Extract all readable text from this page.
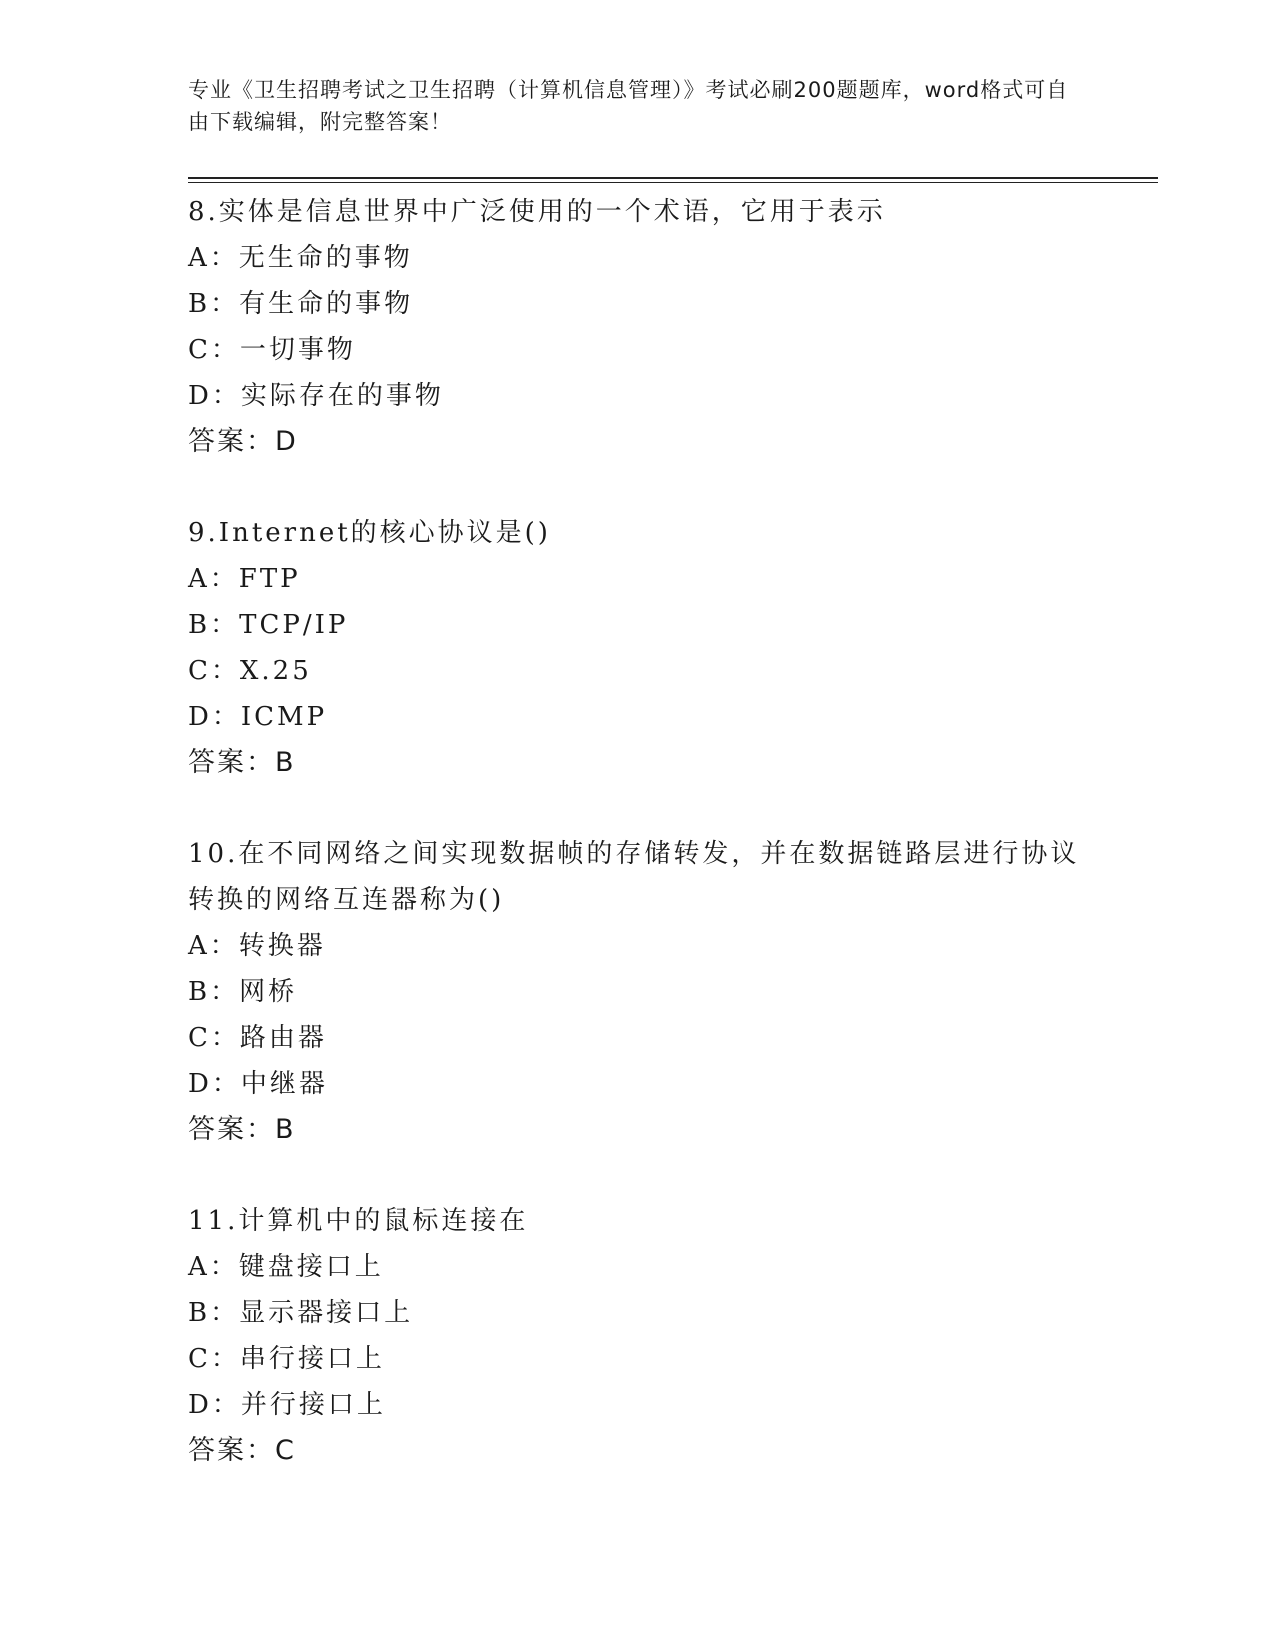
专业《卫生招聘考试之卫生招聘（计算机信息管理）》考试必刷200题题库，word格式可自由下载编辑，附完整答案！
8.实体是信息世界中广泛使用的一个术语，它用于表示
A：无生命的事物
B：有生命的事物
C：一切事物
D：实际存在的事物
答案：D
9.Internet的核心协议是()
A：FTP
B：TCP/IP
C：X.25
D：ICMP
答案：B
10.在不同网络之间实现数据帧的存储转发，并在数据链路层进行协议转换的网络互连器称为()
A：转换器
B：网桥
C：路由器
D：中继器
答案：B
11.计算机中的鼠标连接在
A：键盘接口上
B：显示器接口上
C：串行接口上
D：并行接口上
答案：C
